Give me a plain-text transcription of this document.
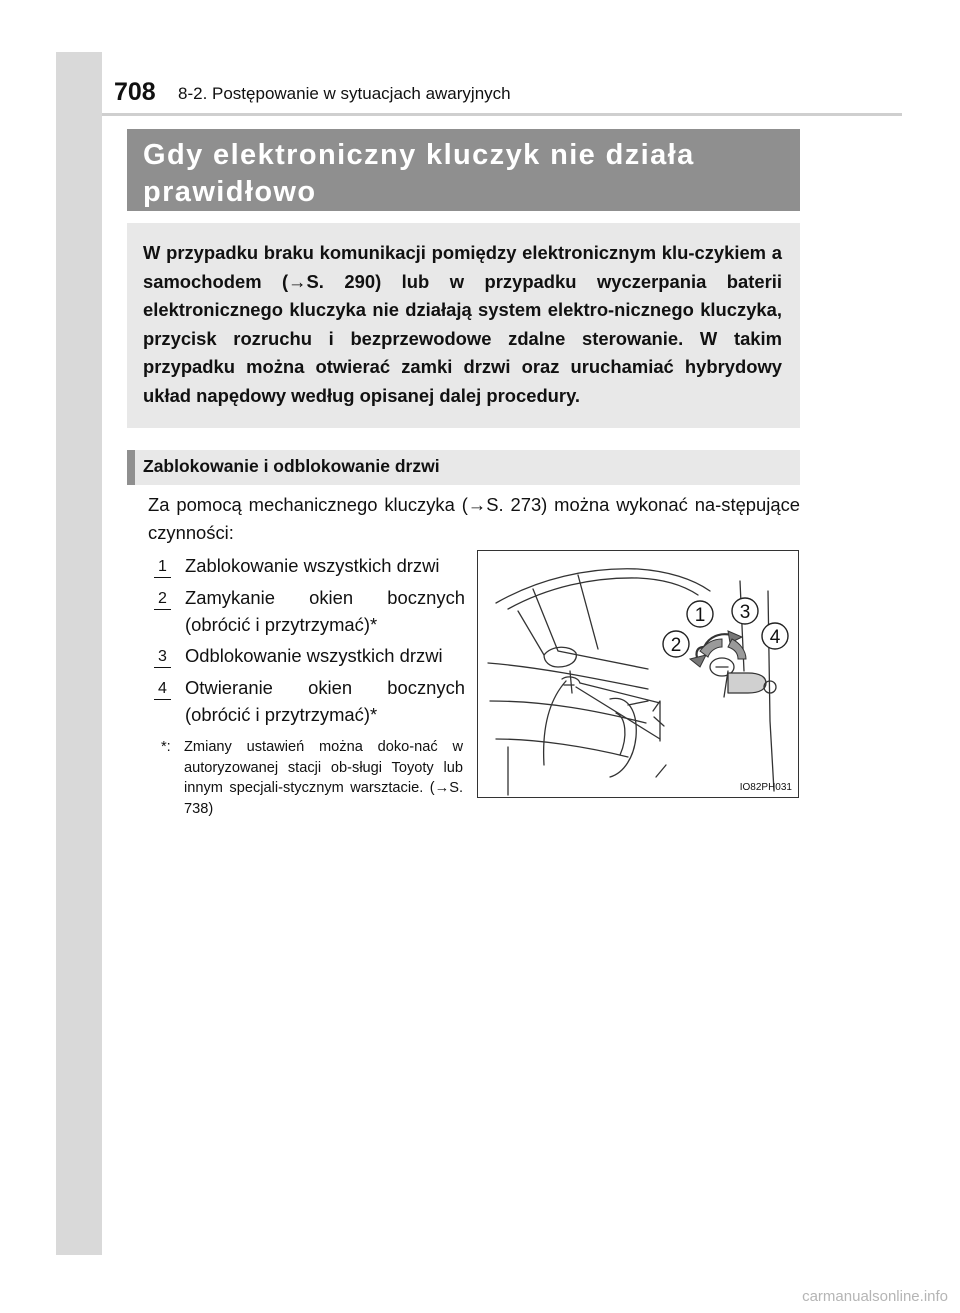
708 8-2. Postępowanie w sytuacjach awaryjnych
Gdy elektroniczny kluczyk nie działa prawidłowo
W przypadku braku komunikacji pomiędzy elektronicznym klu-czykiem a samochodem (→S. 290) lub w przypadku wyczerpania baterii elektronicznego kluczyka nie działają system elektro-nicznego kluczyka, przycisk rozruchu i bezprzewodowe zdalne sterowanie. W takim przypadku można otwierać zamki drzwi oraz uruchamiać hybrydowy układ napędowy według opisanej dalej procedury.
Zablokowanie i odblokowanie drzwi
Za pomocą mechanicznego kluczyka (→S. 273) można wykonać na-stępujące czynności:
1 Zablokowanie wszystkich drzwi
2 Zamykanie okien bocznych
(obrócić i przytrzymać)*
3 Odblokowanie wszystkich drzwi
4 Otwieranie okien bocznych
(obrócić i przytrzymać)*
*: Zmiany ustawień można doko-nać w autoryzowanej stacji ob-sługi Toyoty lub innym specjali-stycznym warsztacie. (→S. 738)
1 3
2	4
IO82PH031
carmanualsonline.info
